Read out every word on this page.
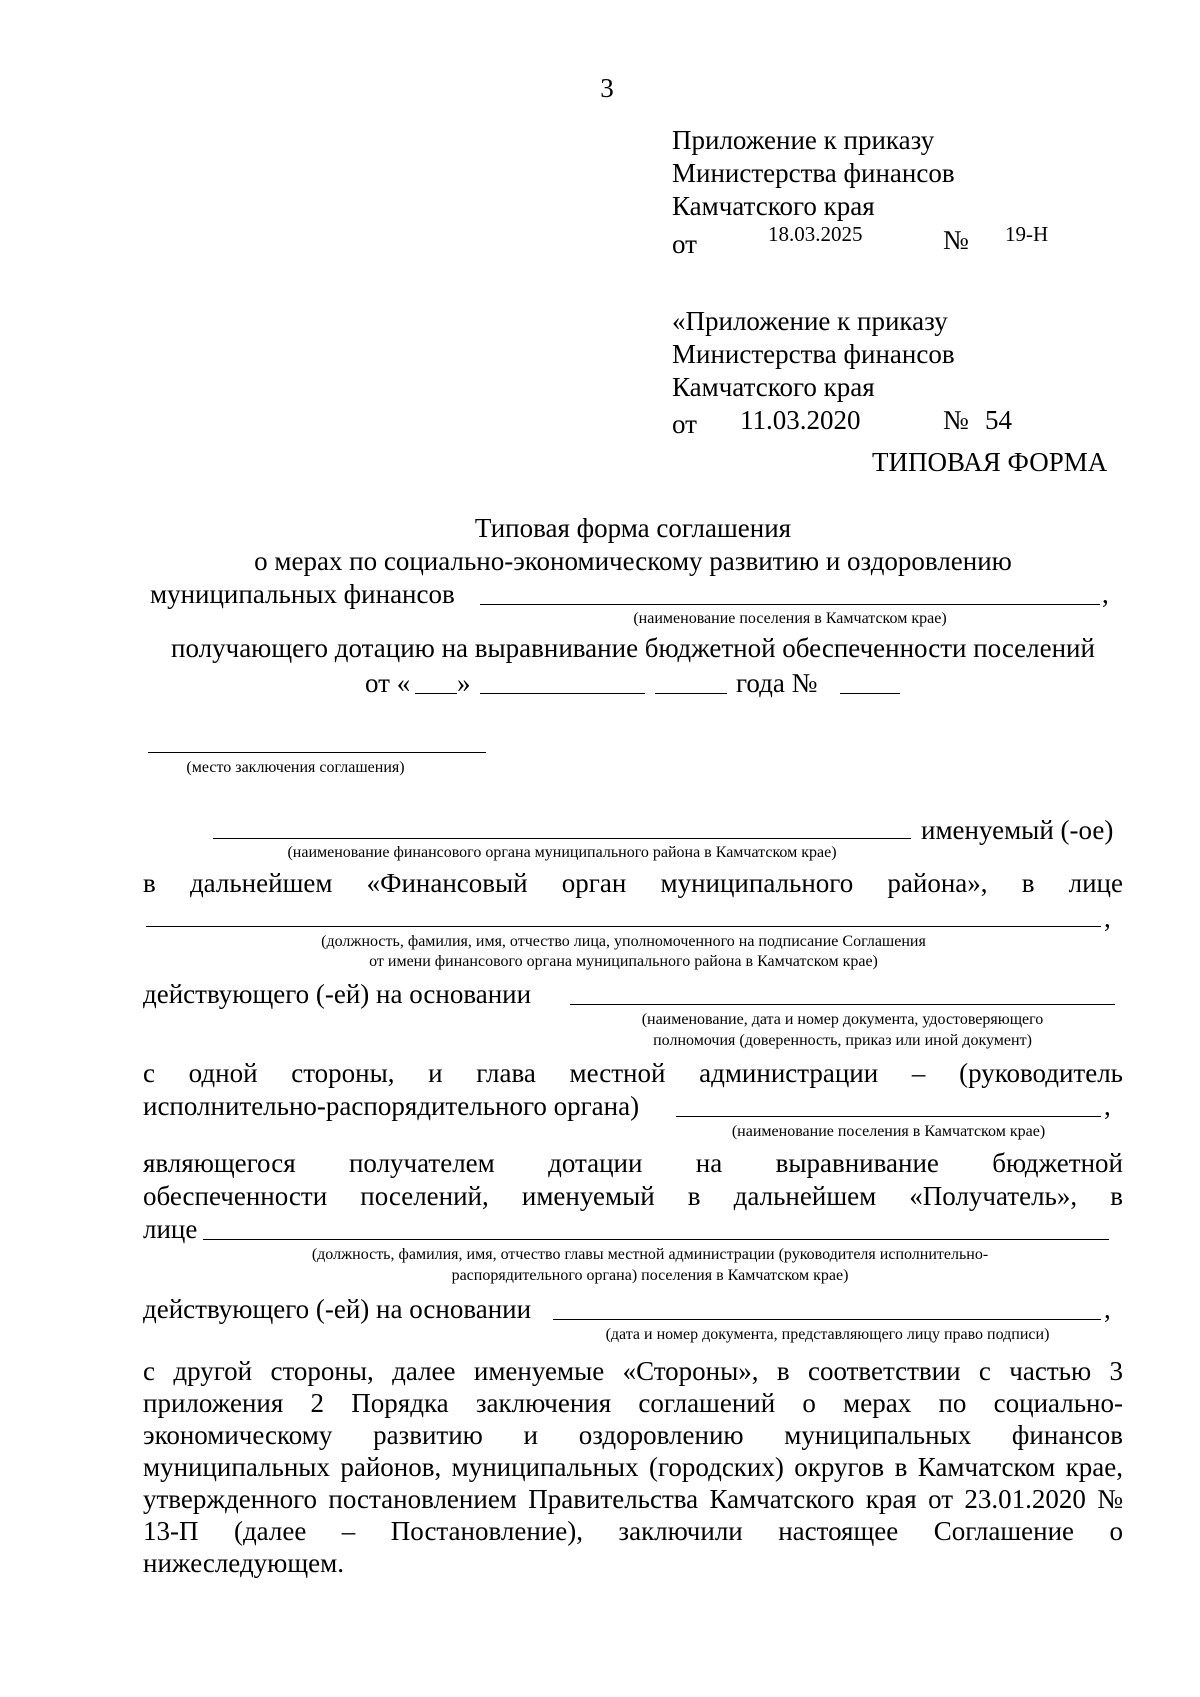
3
Приложение к приказу
Министерства финансов
Камчатского края
от	18.03.2025	№ 19-Н
«Приложение к приказу
Министерства финансов
Камчатского края
от 11.03.2020	№ 54
ТИПОВАЯ ФОРМА
Типовая форма соглашения
о мерах по социально-экономическому развитию и оздоровлению
муниципальных финансов	,
(наименование поселения в Камчатском крае)
получающего дотацию на выравнивание бюджетной обеспеченности поселений
от « »	года №
(место заключения соглашения)
именуемый (-ое)
(наименование финансового органа муниципального района в Камчатском крае)
в дальнейшем «Финансовый орган муниципального района», в лице
,
(должность, фамилия, имя, отчество лица, уполномоченного на подписание Соглашения
от имени финансового органа муниципального района в Камчатском крае)
действующего (-ей) на основании
(наименование, дата и номер документа, удостоверяющего
полномочия (доверенность, приказ или иной документ)
с одной стороны, и глава местной администрации – (руководитель
исполнительно-распорядительного органа)	,
(наименование поселения в Камчатском крае)
являющегося получателем дотации на выравнивание бюджетной
обеспеченности поселений, именуемый в дальнейшем «Получатель», в
лице
(должность, фамилия, имя, отчество главы местной администрации (руководителя исполнительно-
распорядительного органа) поселения в Камчатском крае)
действующего (-ей) на основании	,
(дата и номер документа, представляющего лицу право подписи)
с другой стороны, далее именуемые «Стороны», в соответствии с частью 3 приложения 2 Порядка заключения соглашений о мерах по социально-экономическому развитию и оздоровлению муниципальных финансов муниципальных районов, муниципальных (городских) округов в Камчатском крае, утвержденного постановлением Правительства Камчатского края от 23.01.2020 № 13-П (далее – Постановление), заключили настоящее Соглашение о нижеследующем.
